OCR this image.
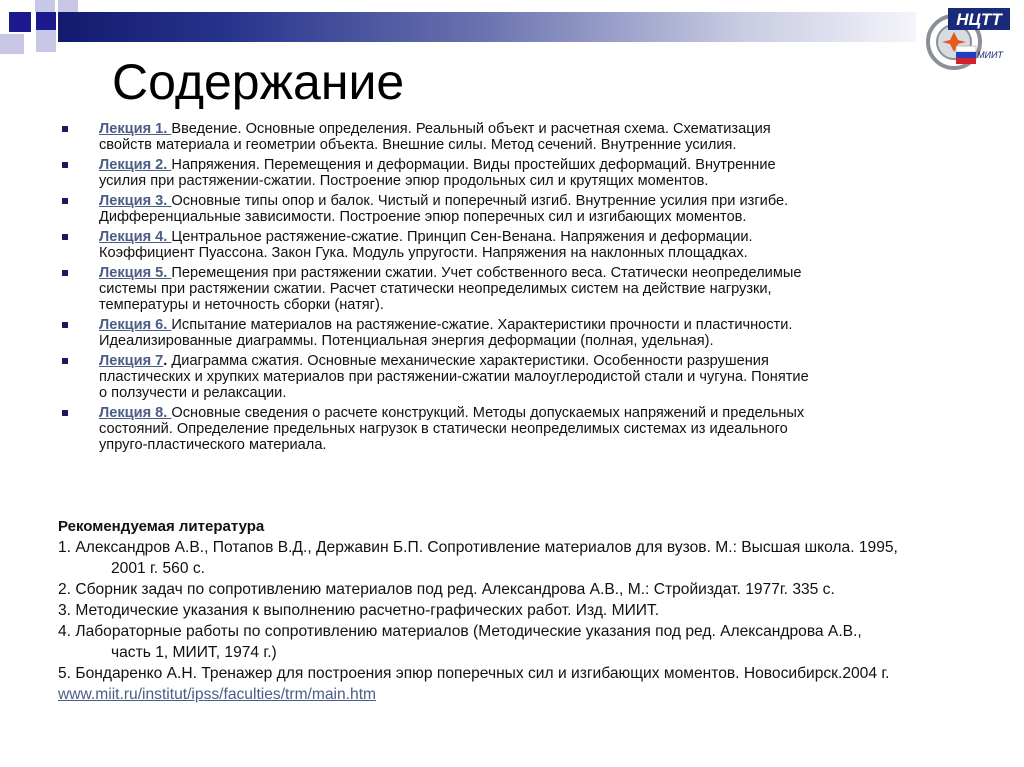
НЦТТ
МИИТ
Содержание
Лекция 1. Введение. Основные определения. Реальный объект и расчетная схема. Схематизация
свойств материала и геометрии объекта. Внешние силы. Метод сечений. Внутренние усилия.
Лекция 2. Напряжения. Перемещения и деформации. Виды простейших деформаций. Внутренние
усилия при растяжении-сжатии. Построение эпюр продольных сил и крутящих моментов.
Лекция 3. Основные типы опор и балок. Чистый и поперечный изгиб. Внутренние усилия при изгибе.
Дифференциальные зависимости. Построение эпюр поперечных сил и изгибающих моментов.
Лекция 4. Центральное растяжение-сжатие. Принцип Сен-Венана. Напряжения и деформации.
Коэффициент Пуассона. Закон Гука. Модуль упругости. Напряжения на наклонных площадках.
Лекция 5. Перемещения при растяжении сжатии. Учет собственного веса. Статически неопределимые
системы при растяжении сжатии. Расчет статически неопределимых систем на действие нагрузки,
температуры и неточность сборки (натяг).
Лекция 6. Испытание материалов на растяжение-сжатие. Характеристики прочности и пластичности.
Идеализированные диаграммы. Потенциальная энергия деформации (полная, удельная).
Лекция 7. Диаграмма сжатия. Основные механические характеристики. Особенности разрушения
пластических и хрупких материалов при растяжении-сжатии малоуглеродистой стали и чугуна. Понятие
о ползучести и релаксации.
Лекция 8. Основные сведения о расчете конструкций. Методы допускаемых напряжений и предельных
состояний. Определение предельных нагрузок в статически неопределимых системах из идеального
упруго-пластического материала.
Рекомендуемая литература
1. Александров А.В., Потапов В.Д., Державин Б.П. Сопротивление материалов для вузов. М.: Высшая школа. 1995,
2001 г. 560 с.
2. Сборник задач по сопротивлению материалов под ред. Александрова А.В., М.: Стройиздат. 1977г. 335 с.
3. Методические указания к выполнению расчетно-графических работ. Изд. МИИТ.
4. Лабораторные работы по сопротивлению материалов (Методические указания под ред. Александрова А.В.,
часть 1, МИИТ, 1974 г.)
5. Бондаренко А.Н. Тренажер для построения эпюр поперечных сил и изгибающих моментов. Новосибирск.2004 г.
www.miit.ru/institut/ipss/faculties/trm/main.htm
